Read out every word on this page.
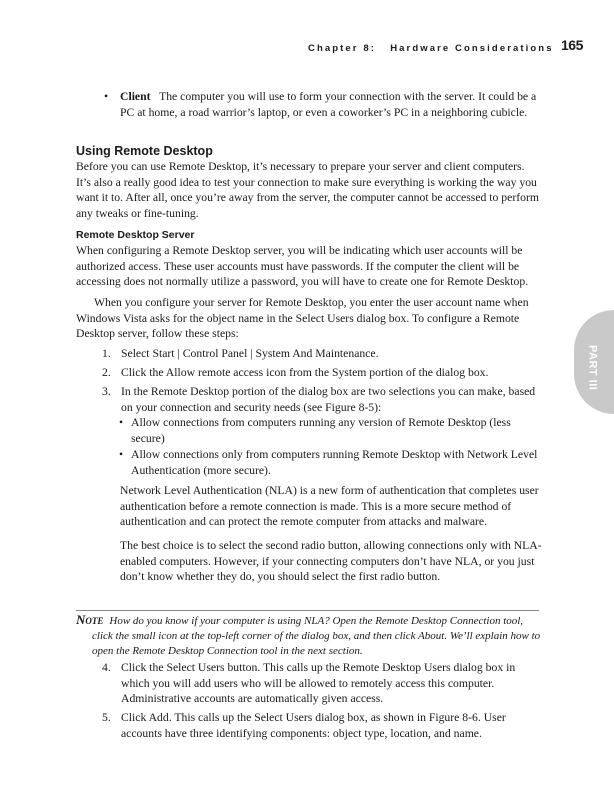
Chapter 8:   Hardware Considerations 165
PART III
•	Client The computer you will use to form your connection with the server. It could be a PC at home, a road warrior’s laptop, or even a coworker’s PC in a neighboring cubicle.
Using Remote Desktop
Before you can use Remote Desktop, it’s necessary to prepare your server and client computers. It’s also a really good idea to test your connection to make sure everything is working the way you want it to. After all, once you’re away from the server, the computer cannot be accessed to perform any tweaks or fine-tuning.
Remote Desktop Server
When configuring a Remote Desktop server, you will be indicating which user accounts will be authorized access. These user accounts must have passwords. If the computer the client will be accessing does not normally utilize a password, you will have to create one for Remote Desktop.
When you configure your server for Remote Desktop, you enter the user account name when Windows Vista asks for the object name in the Select Users dialog box. To configure a Remote Desktop server, follow these steps:
1. Select Start | Control Panel | System And Maintenance.
2. Click the Allow remote access icon from the System portion of the dialog box.
3. In the Remote Desktop portion of the dialog box are two selections you can make, based on your connection and security needs (see Figure 8-5):
• Allow connections from computers running any version of Remote Desktop (less secure)
• Allow connections only from computers running Remote Desktop with Network Level Authentication (more secure).
Network Level Authentication (NLA) is a new form of authentication that completes user authentication before a remote connection is made. This is a more secure method of authentication and can protect the remote computer from attacks and malware.
The best choice is to select the second radio button, allowing connections only with NLA-enabled computers. However, if your connecting computers don’t have NLA, or you just don’t know whether they do, you should select the first radio button.
Note How do you know if your computer is using NLA? Open the Remote Desktop Connection tool, click the small icon at the top-left corner of the dialog box, and then click About. We’ll explain how to open the Remote Desktop Connection tool in the next section.
4. Click the Select Users button. This calls up the Remote Desktop Users dialog box in which you will add users who will be allowed to remotely access this computer. Administrative accounts are automatically given access.
5. Click Add. This calls up the Select Users dialog box, as shown in Figure 8-6. User accounts have three identifying components: object type, location, and name.
